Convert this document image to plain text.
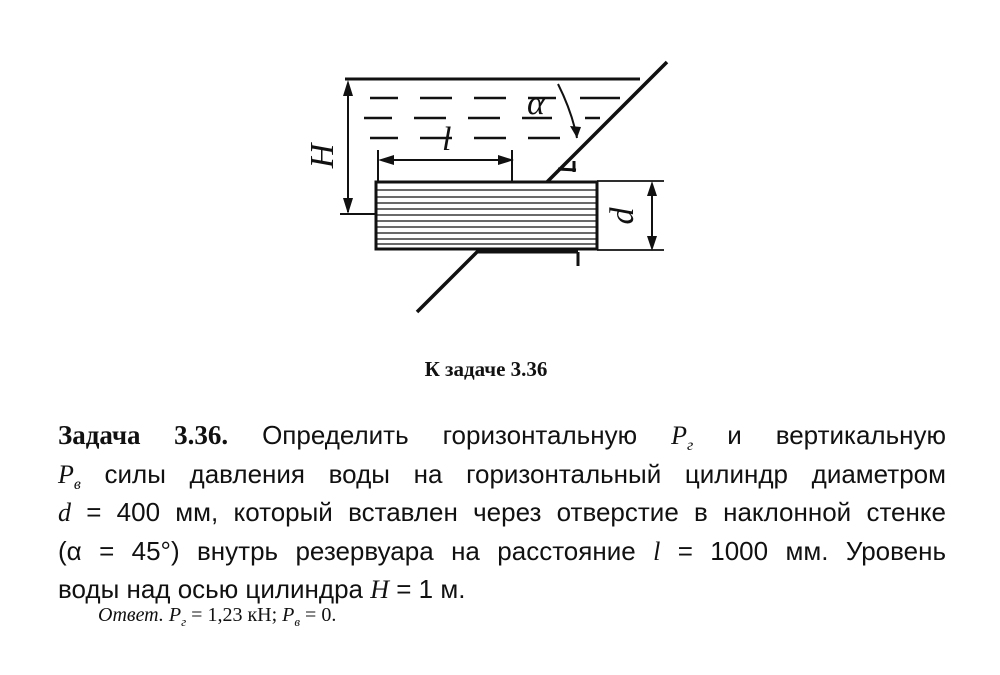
H	l
α
d
К задаче 3.36
Задача 3.36. Определить горизонтальную $P_г$ и вертикальную
$P_в$ силы давления воды на горизонтальный цилиндр диаметром
d = 400 мм, который вставлен через отверстие в наклонной стенке
(α = 45°) внутрь резервуара на расстояние l = 1000 мм. Уровень
воды над осью цилиндра H = 1 м.
Ответ. $P_г = 1,23$ кН; $P_в = 0$.
